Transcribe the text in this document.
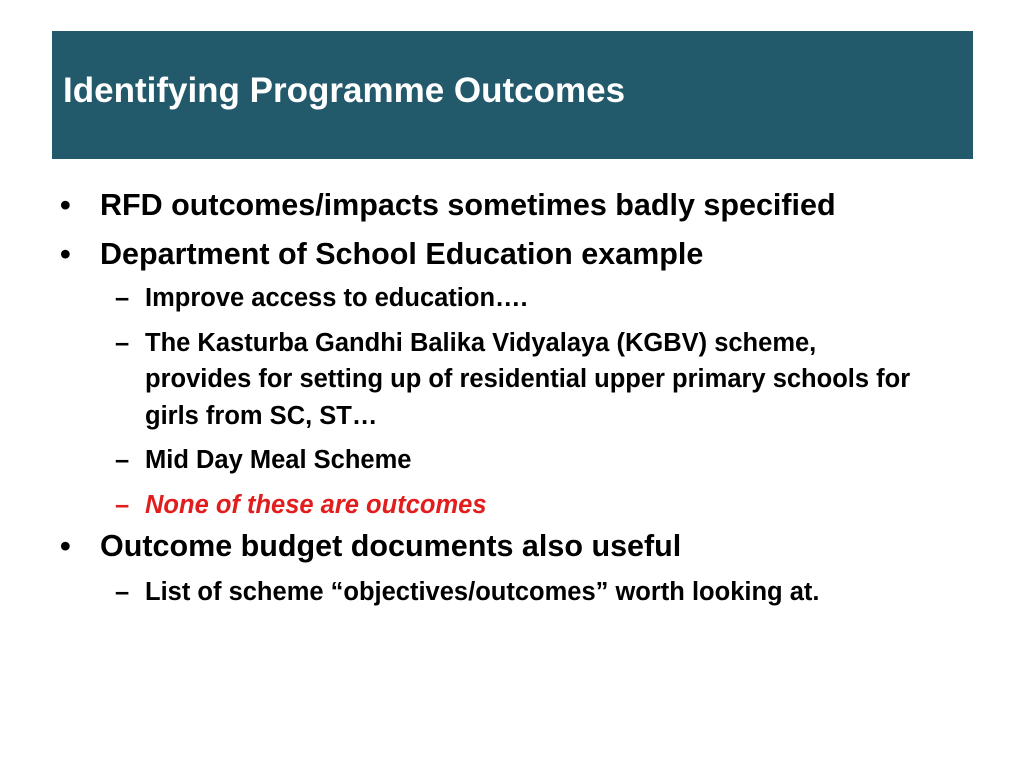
Identifying Programme Outcomes
• RFD outcomes/impacts sometimes badly specified
• Department of School Education example
– Improve access to education….
– The Kasturba Gandhi Balika Vidyalaya (KGBV) scheme, provides for setting up of residential upper primary schools for girls from SC, ST…
– Mid Day Meal Scheme
– None of these are outcomes
• Outcome budget documents also useful
– List of scheme “objectives/outcomes” worth looking at.
